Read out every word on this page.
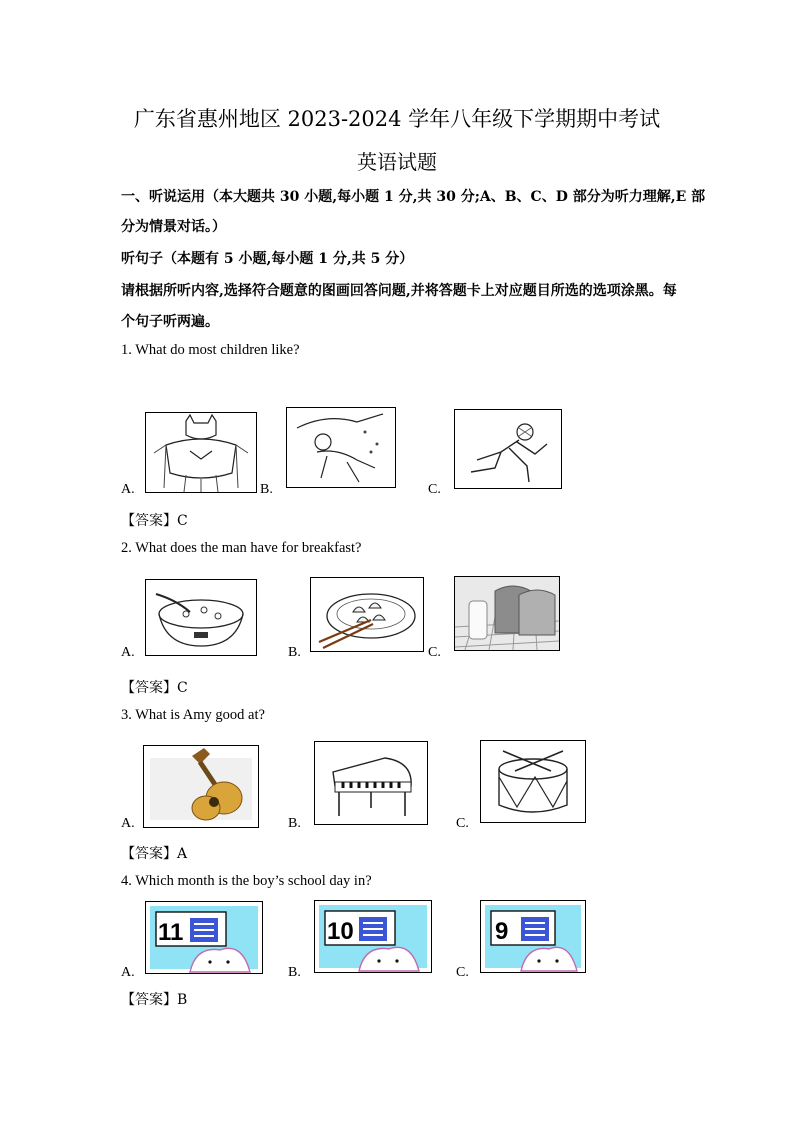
广东省惠州地区 2023-2024 学年八年级下学期期中考试
英语试题
一、听说运用（本大题共 30 小题,每小题 1 分,共 30 分;A、B、C、D 部分为听力理解,E 部
分为情景对话。）
听句子（本题有 5 小题,每小题 1 分,共 5 分）
请根据所听内容,选择符合题意的图画回答问题,并将答题卡上对应题目所选的选项涂黑。每
个句子听两遍。
1. What do most children like?
A.	B.	C.
【答案】C
2. What does the man have for breakfast?
A.	B.	C.
【答案】C
3. What is Amy good at?
A.	B.	C.
【答案】A
4. Which month is the boy’s school day in?
A.	B.	C.
11	10	9
【答案】B
